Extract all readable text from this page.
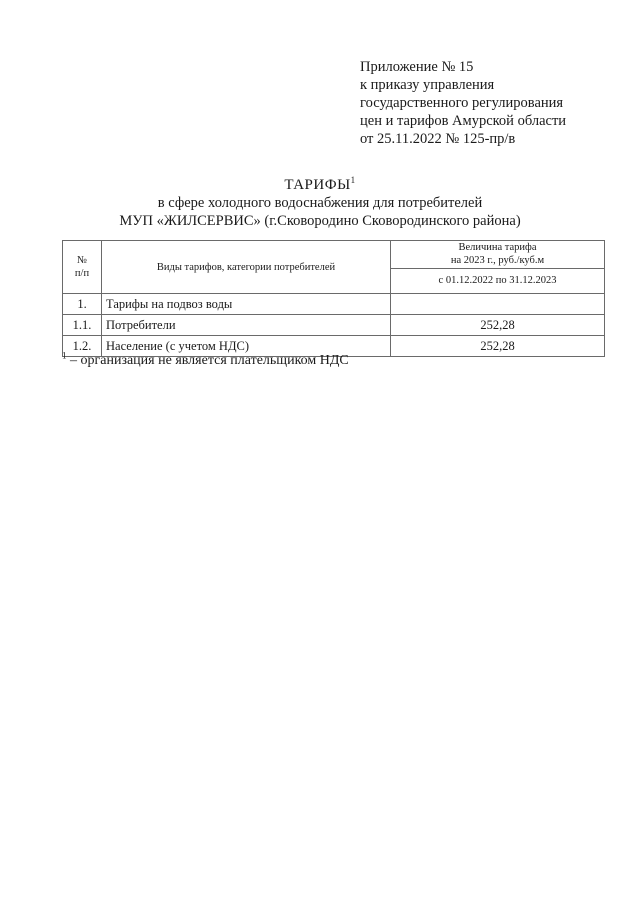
Приложение № 15
к приказу управления
государственного регулирования
цен и тарифов Амурской области
от 25.11.2022 № 125-пр/в
ТАРИФЫ$^1$
в сфере холодного водоснабжения для потребителей
МУП «ЖИЛСЕРВИС» (г.Сковородино Сковородинского района)
№
п/п	Виды тарифов, категории потребителей	Величина тарифа
на 2023 г., руб./куб.м
		с 01.12.2022 по 31.12.2023
1.	Тарифы на подвоз воды	
1.1.	Потребители	252,28
1.2.	Население (с учетом НДС)	252,28
$^1$ – организация не является плательщиком НДС
